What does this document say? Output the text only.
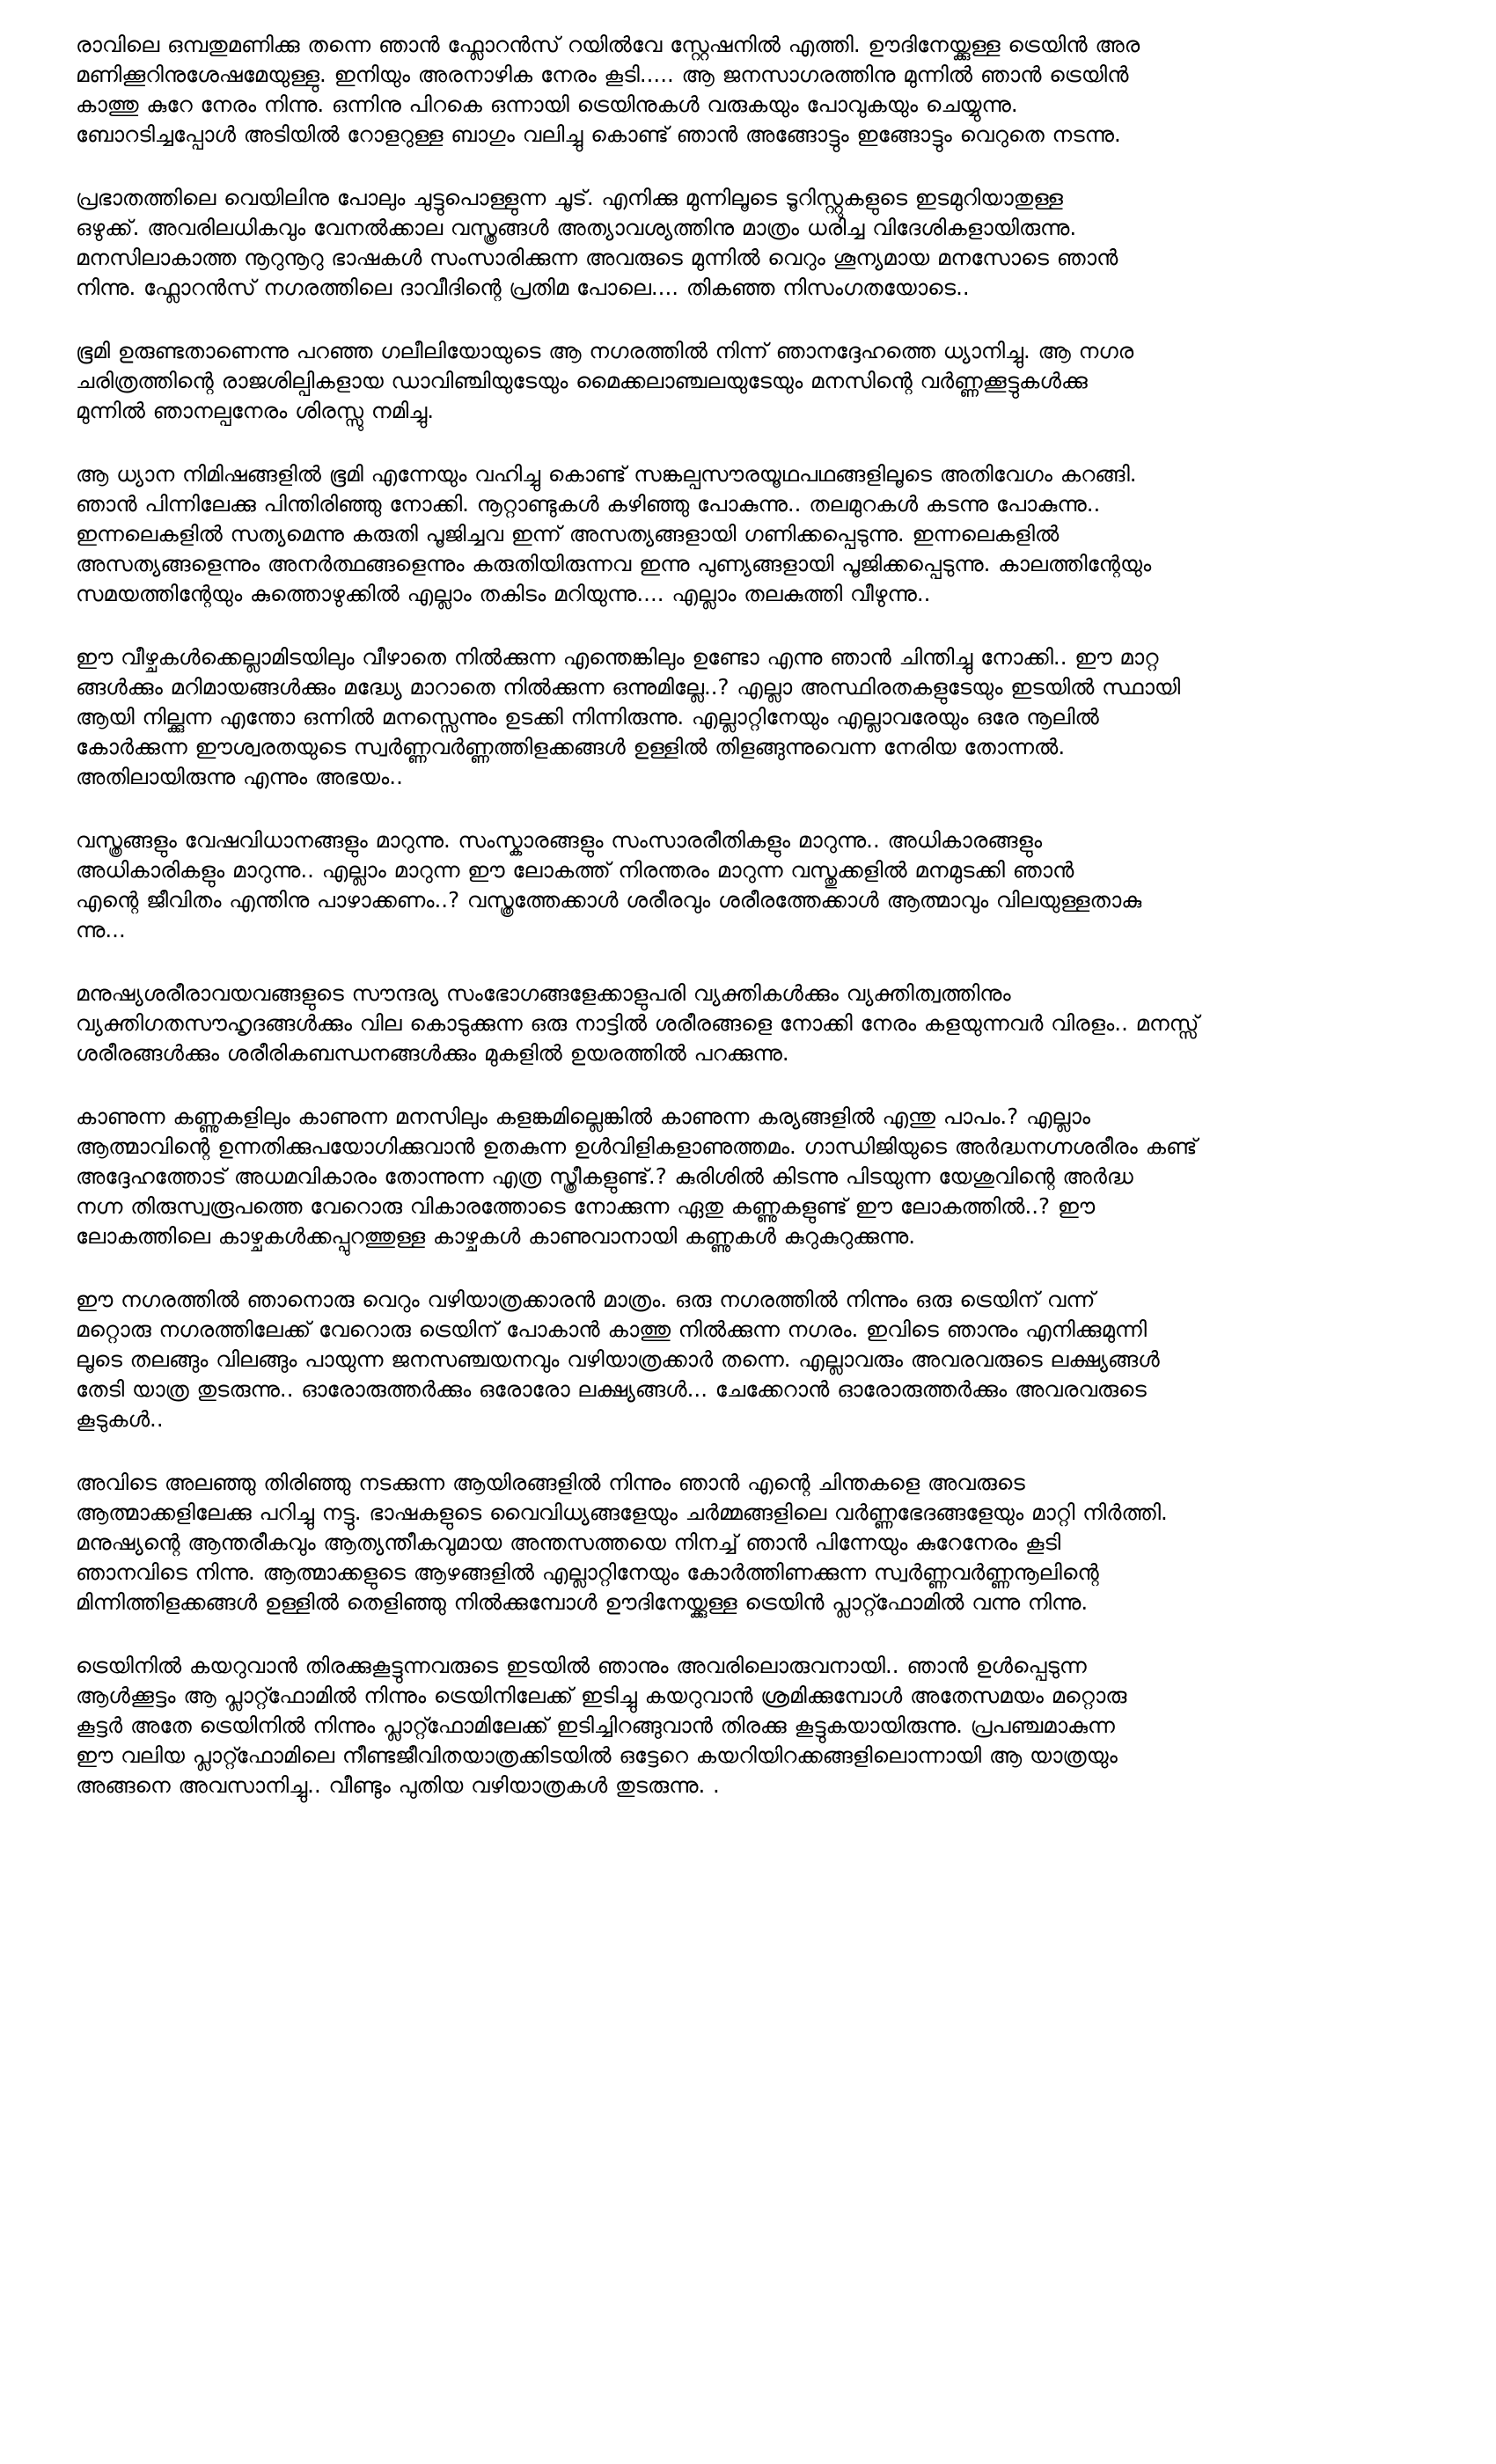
രാവിലെ ഒമ്പതുമണിക്കു തന്നെ ഞാൻ ഫ്ലോറൻസ് റയിൽവേ സ്റ്റേഷനിൽ എത്തി. ഊദിനേയ്ക്കുള്ള ട്രെയിൻ അര
മണിക്കൂറിനുശേഷമേയുള്ളു. ഇനിയും അരനാഴിക നേരം കൂടി..... ആ ജനസാഗരത്തിനു മുന്നിൽ ഞാൻ ട്രെയിൻ
കാത്തു കുറേ നേരം നിന്നു. ഒന്നിനു പിറകെ ഒന്നായി ട്രെയിനുകൾ വരുകയും പോവുകയും ചെയ്യുന്നു.
ബോറടിച്ചപ്പോൾ അടിയിൽ റോളറുള്ള ബാഗും വലിച്ചു കൊണ്ട് ഞാൻ അങ്ങോട്ടും ഇങ്ങോട്ടും വെറുതെ നടന്നു.

പ്രഭാതത്തിലെ വെയിലിനു പോലും ചുട്ടുപൊള്ളുന്ന ചൂട്. എനിക്കു മുന്നിലൂടെ ടൂറിസ്റ്റുകളുടെ ഇടമുറിയാതുള്ള
ഒഴുക്ക്. അവരിലധികവും വേനൽക്കാല വസ്ത്രങ്ങൾ അത്യാവശ്യത്തിനു മാത്രം ധരിച്ച വിദേശികളായിരുന്നു.
മനസിലാകാത്ത നൂറുനൂറു ഭാഷകൾ സംസാരിക്കുന്ന അവരുടെ മുന്നിൽ വെറും ശൂന്യമായ മനസോടെ ഞാൻ
നിന്നു. ഫ്ലോറൻസ് നഗരത്തിലെ ദാവീദിന്റെ പ്രതിമ പോലെ.... തികഞ്ഞ നിസംഗതയോടെ..

ഭൂമി ഉരുണ്ടതാണെന്നു പറഞ്ഞ ഗലീലിയോയുടെ ആ നഗരത്തിൽ നിന്ന് ഞാനദ്ദേഹത്തെ ധ്യാനിച്ചു. ആ നഗര
ചരിത്രത്തിന്റെ രാജശില്പികളായ ഡാവിഞ്ചിയുടേയും മൈക്കലാഞ്ചലയുടേയും മനസിന്റെ വർണ്ണക്കൂട്ടുകൾക്കു
മുന്നിൽ ഞാനല്പനേരം ശിരസ്സു നമിച്ചു.

ആ ധ്യാന നിമിഷങ്ങളിൽ ഭൂമി എന്നേയും വഹിച്ചു കൊണ്ട് സങ്കല്പസൗരയൂഥപഥങ്ങളിലൂടെ അതിവേഗം കറങ്ങി.
ഞാൻ പിന്നിലേക്കു പിന്തിരിഞ്ഞു നോക്കി. നൂറ്റാണ്ടുകൾ കഴിഞ്ഞു പോകുന്നു.. തലമുറകൾ കടന്നു പോകുന്നു..
ഇന്നലെകളിൽ സത്യമെന്നു കരുതി പൂജിച്ചവ ഇന്ന് അസത്യങ്ങളായി ഗണിക്കപ്പെടുന്നു. ഇന്നലെകളിൽ
അസത്യങ്ങളെന്നും അനർത്ഥങ്ങളെന്നും കരുതിയിരുന്നവ ഇന്നു പുണ്യങ്ങളായി പൂജിക്കപ്പെടുന്നു. കാലത്തിന്റേയും
സമയത്തിന്റേയും കുത്തൊഴുക്കിൽ എല്ലാം തകിടം മറിയുന്നു.... എല്ലാം തലകുത്തി വീഴുന്നു..

ഈ വീഴ്ചകൾക്കെല്ലാമിടയിലും വീഴാതെ നിൽക്കുന്ന എന്തെങ്കിലും ഉണ്ടോ എന്നു ഞാൻ ചിന്തിച്ചു നോക്കി.. ഈ മാറ്റ
ങ്ങൾക്കും മറിമായങ്ങൾക്കും മദ്ധ്യേ മാറാതെ നിൽക്കുന്ന ഒന്നുമില്ലേ..? എല്ലാ അസ്ഥിരതകളുടേയും ഇടയിൽ സ്ഥായി
ആയി നില്ക്കുന്ന എന്തോ ഒന്നിൽ മനസ്സെന്നും ഉടക്കി നിന്നിരുന്നു. എല്ലാറ്റിനേയും എല്ലാവരേയും ഒരേ നൂലിൽ
കോർക്കുന്ന ഈശ്വരതയുടെ സ്വർണ്ണവർണ്ണത്തിളക്കങ്ങൾ ഉള്ളിൽ തിളങ്ങുന്നുവെന്ന നേരിയ തോന്നൽ.
അതിലായിരുന്നു എന്നും അഭയം..

വസ്ത്രങ്ങളും വേഷവിധാനങ്ങളും മാറുന്നു. സംസ്കാരങ്ങളും സംസാരരീതികളും മാറുന്നു.. അധികാരങ്ങളും
അധികാരികളും മാറുന്നു.. എല്ലാം മാറുന്ന ഈ ലോകത്ത് നിരന്തരം മാറുന്ന വസ്തുക്കളിൽ മനമുടക്കി ഞാൻ
എന്റെ ജീവിതം എന്തിനു പാഴാക്കണം..? വസ്ത്രത്തേക്കാൾ ശരീരവും ശരീരത്തേക്കാൾ ആത്മാവും വിലയുള്ളതാകു
ന്നു...

മനുഷ്യശരീരാവയവങ്ങളുടെ സൗന്ദര്യ സംഭോഗങ്ങളേക്കാളുപരി വ്യക്തികൾക്കും വ്യക്തിത്വത്തിനും
വ്യക്തിഗതസൗഹൃദങ്ങൾക്കും വില കൊടുക്കുന്ന ഒരു നാട്ടിൽ ശരീരങ്ങളെ നോക്കി നേരം കളയുന്നവർ വിരളം.. മനസ്സ്
ശരീരങ്ങൾക്കും ശരീരികബന്ധനങ്ങൾക്കും മുകളിൽ ഉയരത്തിൽ പറക്കുന്നു.

കാണുന്ന കണ്ണുകളിലും കാണുന്ന മനസിലും കളങ്കമില്ലെങ്കിൽ കാണുന്ന കര്യങ്ങളിൽ എന്തു പാപം.? എല്ലാം
ആത്മാവിന്റെ ഉന്നതിക്കുപയോഗിക്കുവാൻ ഉതകുന്ന ഉൾവിളികളാണുത്തമം. ഗാന്ധിജിയുടെ അർദ്ധനഗ്നശരീരം കണ്ട്
അദ്ദേഹത്തോട് അധമവികാരം തോന്നുന്ന എത്ര സ്ത്രീകളുണ്ട്.? കുരിശിൽ കിടന്നു പിടയുന്ന യേശുവിന്റെ അർദ്ധ
നഗ്ന തിരുസ്വരൂപത്തെ വേറൊരു വികാരത്തോടെ നോക്കുന്ന ഏതു കണ്ണുകളുണ്ട് ഈ ലോകത്തിൽ..? ഈ
ലോകത്തിലെ കാഴ്ചകൾക്കപ്പുറത്തുള്ള കാഴ്ചകൾ കാണുവാനായി കണ്ണുകൾ കുറുകുറുക്കുന്നു.

ഈ നഗരത്തിൽ ഞാനൊരു വെറും വഴിയാത്രക്കാരൻ മാത്രം. ഒരു നഗരത്തിൽ നിന്നും ഒരു ട്രെയിന് വന്ന്
മറ്റൊരു നഗരത്തിലേക്ക് വേറൊരു ട്രെയിന് പോകാൻ കാത്തു നിൽക്കുന്ന നഗരം. ഇവിടെ ഞാനും എനിക്കുമുന്നി
ലൂടെ തലങ്ങും വിലങ്ങും പായുന്ന ജനസഞ്ചയനവും വഴിയാത്രക്കാർ തന്നെ. എല്ലാവരും അവരവരുടെ ലക്ഷ്യങ്ങൾ
തേടി യാത്ര തുടരുന്നു.. ഓരോരുത്തർക്കും ഒരോരോ ലക്ഷ്യങ്ങൾ... ചേക്കേറാൻ ഓരോരുത്തർക്കും അവരവരുടെ
കൂടുകൾ..

അവിടെ അലഞ്ഞു തിരിഞ്ഞു നടക്കുന്ന ആയിരങ്ങളിൽ നിന്നും ഞാൻ എന്റെ ചിന്തകളെ അവരുടെ
ആത്മാക്കളിലേക്കു പറിച്ചു നട്ടു. ഭാഷകളുടെ വൈവിധ്യങ്ങളേയും ചർമ്മങ്ങളിലെ വർണ്ണഭേദങ്ങളേയും മാറ്റി നിർത്തി.
മനുഷ്യന്റെ ആന്തരീകവും ആത്യന്തീകവുമായ അന്തസത്തയെ നിനച്ച് ഞാൻ പിന്നേയും കുറേനേരം കൂടി
ഞാനവിടെ നിന്നു. ആത്മാക്കളുടെ ആഴങ്ങളിൽ എല്ലാറ്റിനേയും കോർത്തിണക്കുന്ന സ്വർണ്ണവർണ്ണനൂലിന്റെ
മിന്നിത്തിളക്കങ്ങൾ ഉള്ളിൽ തെളിഞ്ഞു നിൽക്കുമ്പോൾ ഊദിനേയ്ക്കുള്ള ട്രെയിൻ പ്ലാറ്റ്ഫോമിൽ വന്നു നിന്നു.

ട്രെയിനിൽ കയറുവാൻ തിരക്കുകൂട്ടുന്നവരുടെ ഇടയിൽ ഞാനും അവരിലൊരുവനായി.. ഞാൻ ഉൾപ്പെടുന്ന
ആൾക്കൂട്ടം ആ പ്ലാറ്റ്ഫോമിൽ നിന്നും ട്രെയിനിലേക്ക് ഇടിച്ചു കയറുവാൻ ശ്രമിക്കുമ്പോൾ അതേസമയം മറ്റൊരു
കൂട്ടർ അതേ ട്രെയിനിൽ നിന്നും പ്ലാറ്റ്ഫോമിലേക്ക് ഇടിച്ചിറങ്ങുവാൻ തിരക്കു കൂട്ടുകയായിരുന്നു. പ്രപഞ്ചമാകുന്ന
ഈ വലിയ പ്ലാറ്റ്ഫോമിലെ നീണ്ടജീവിതയാത്രക്കിടയിൽ ഒട്ടേറെ കയറിയിറക്കങ്ങളിലൊന്നായി ആ യാത്രയും
അങ്ങനെ അവസാനിച്ചു.. വീണ്ടും പുതിയ വഴിയാത്രകൾ തുടരുന്നു. .
